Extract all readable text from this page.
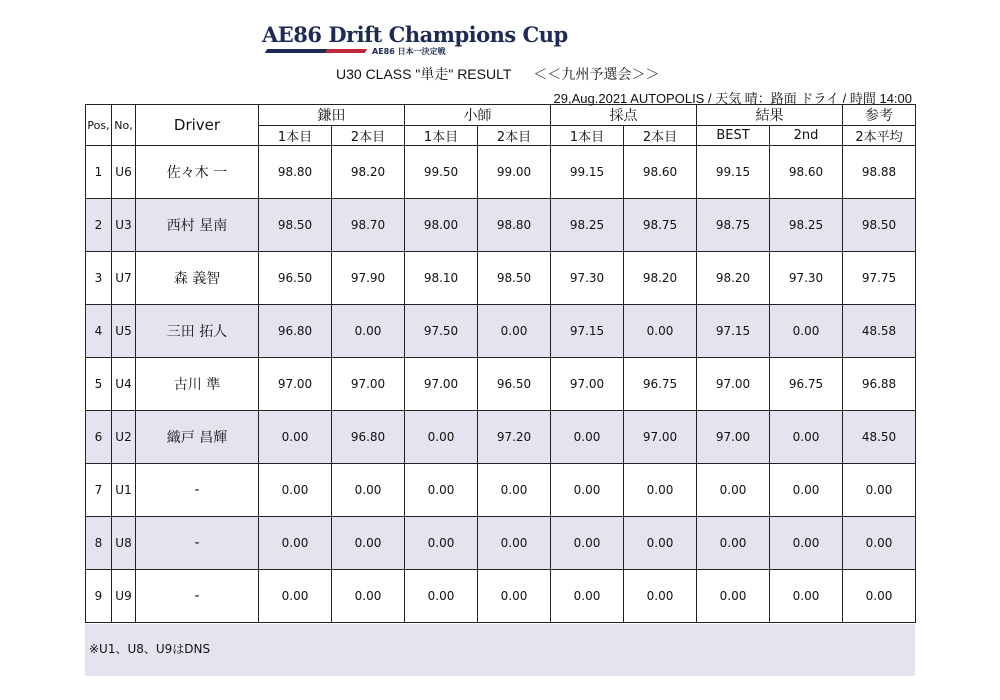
AE86 Drift Champions Cup
AE86 日本一決定戦
U30 CLASS "単走" RESULT ＜＜九州予選会＞＞
29,Aug.2021 AUTOPOLIS / 天気 晴：路面 ドライ / 時間 14:00
Pos,	No,	Driver	鎌田		小師		採点		結果		参考
			1本目	2本目	1本目	2本目	1本目	2本目	BEST	2nd	2本平均
1	U6	佐々木 一	98.80	98.20	99.50	99.00	99.15	98.60	99.15	98.60	98.88
2	U3	西村 星南	98.50	98.70	98.00	98.80	98.25	98.75	98.75	98.25	98.50
3	U7	森 義智	96.50	97.90	98.10	98.50	97.30	98.20	98.20	97.30	97.75
4	U5	三田 拓人	96.80	0.00	97.50	0.00	97.15	0.00	97.15	0.00	48.58
5	U4	古川 準	97.00	97.00	97.00	96.50	97.00	96.75	97.00	96.75	96.88
6	U2	織戸 昌輝	0.00	96.80	0.00	97.20	0.00	97.00	97.00	0.00	48.50
7	U1	-	0.00	0.00	0.00	0.00	0.00	0.00	0.00	0.00	0.00
8	U8	-	0.00	0.00	0.00	0.00	0.00	0.00	0.00	0.00	0.00
9	U9	-	0.00	0.00	0.00	0.00	0.00	0.00	0.00	0.00	0.00
※U1、U8、U9はDNS
